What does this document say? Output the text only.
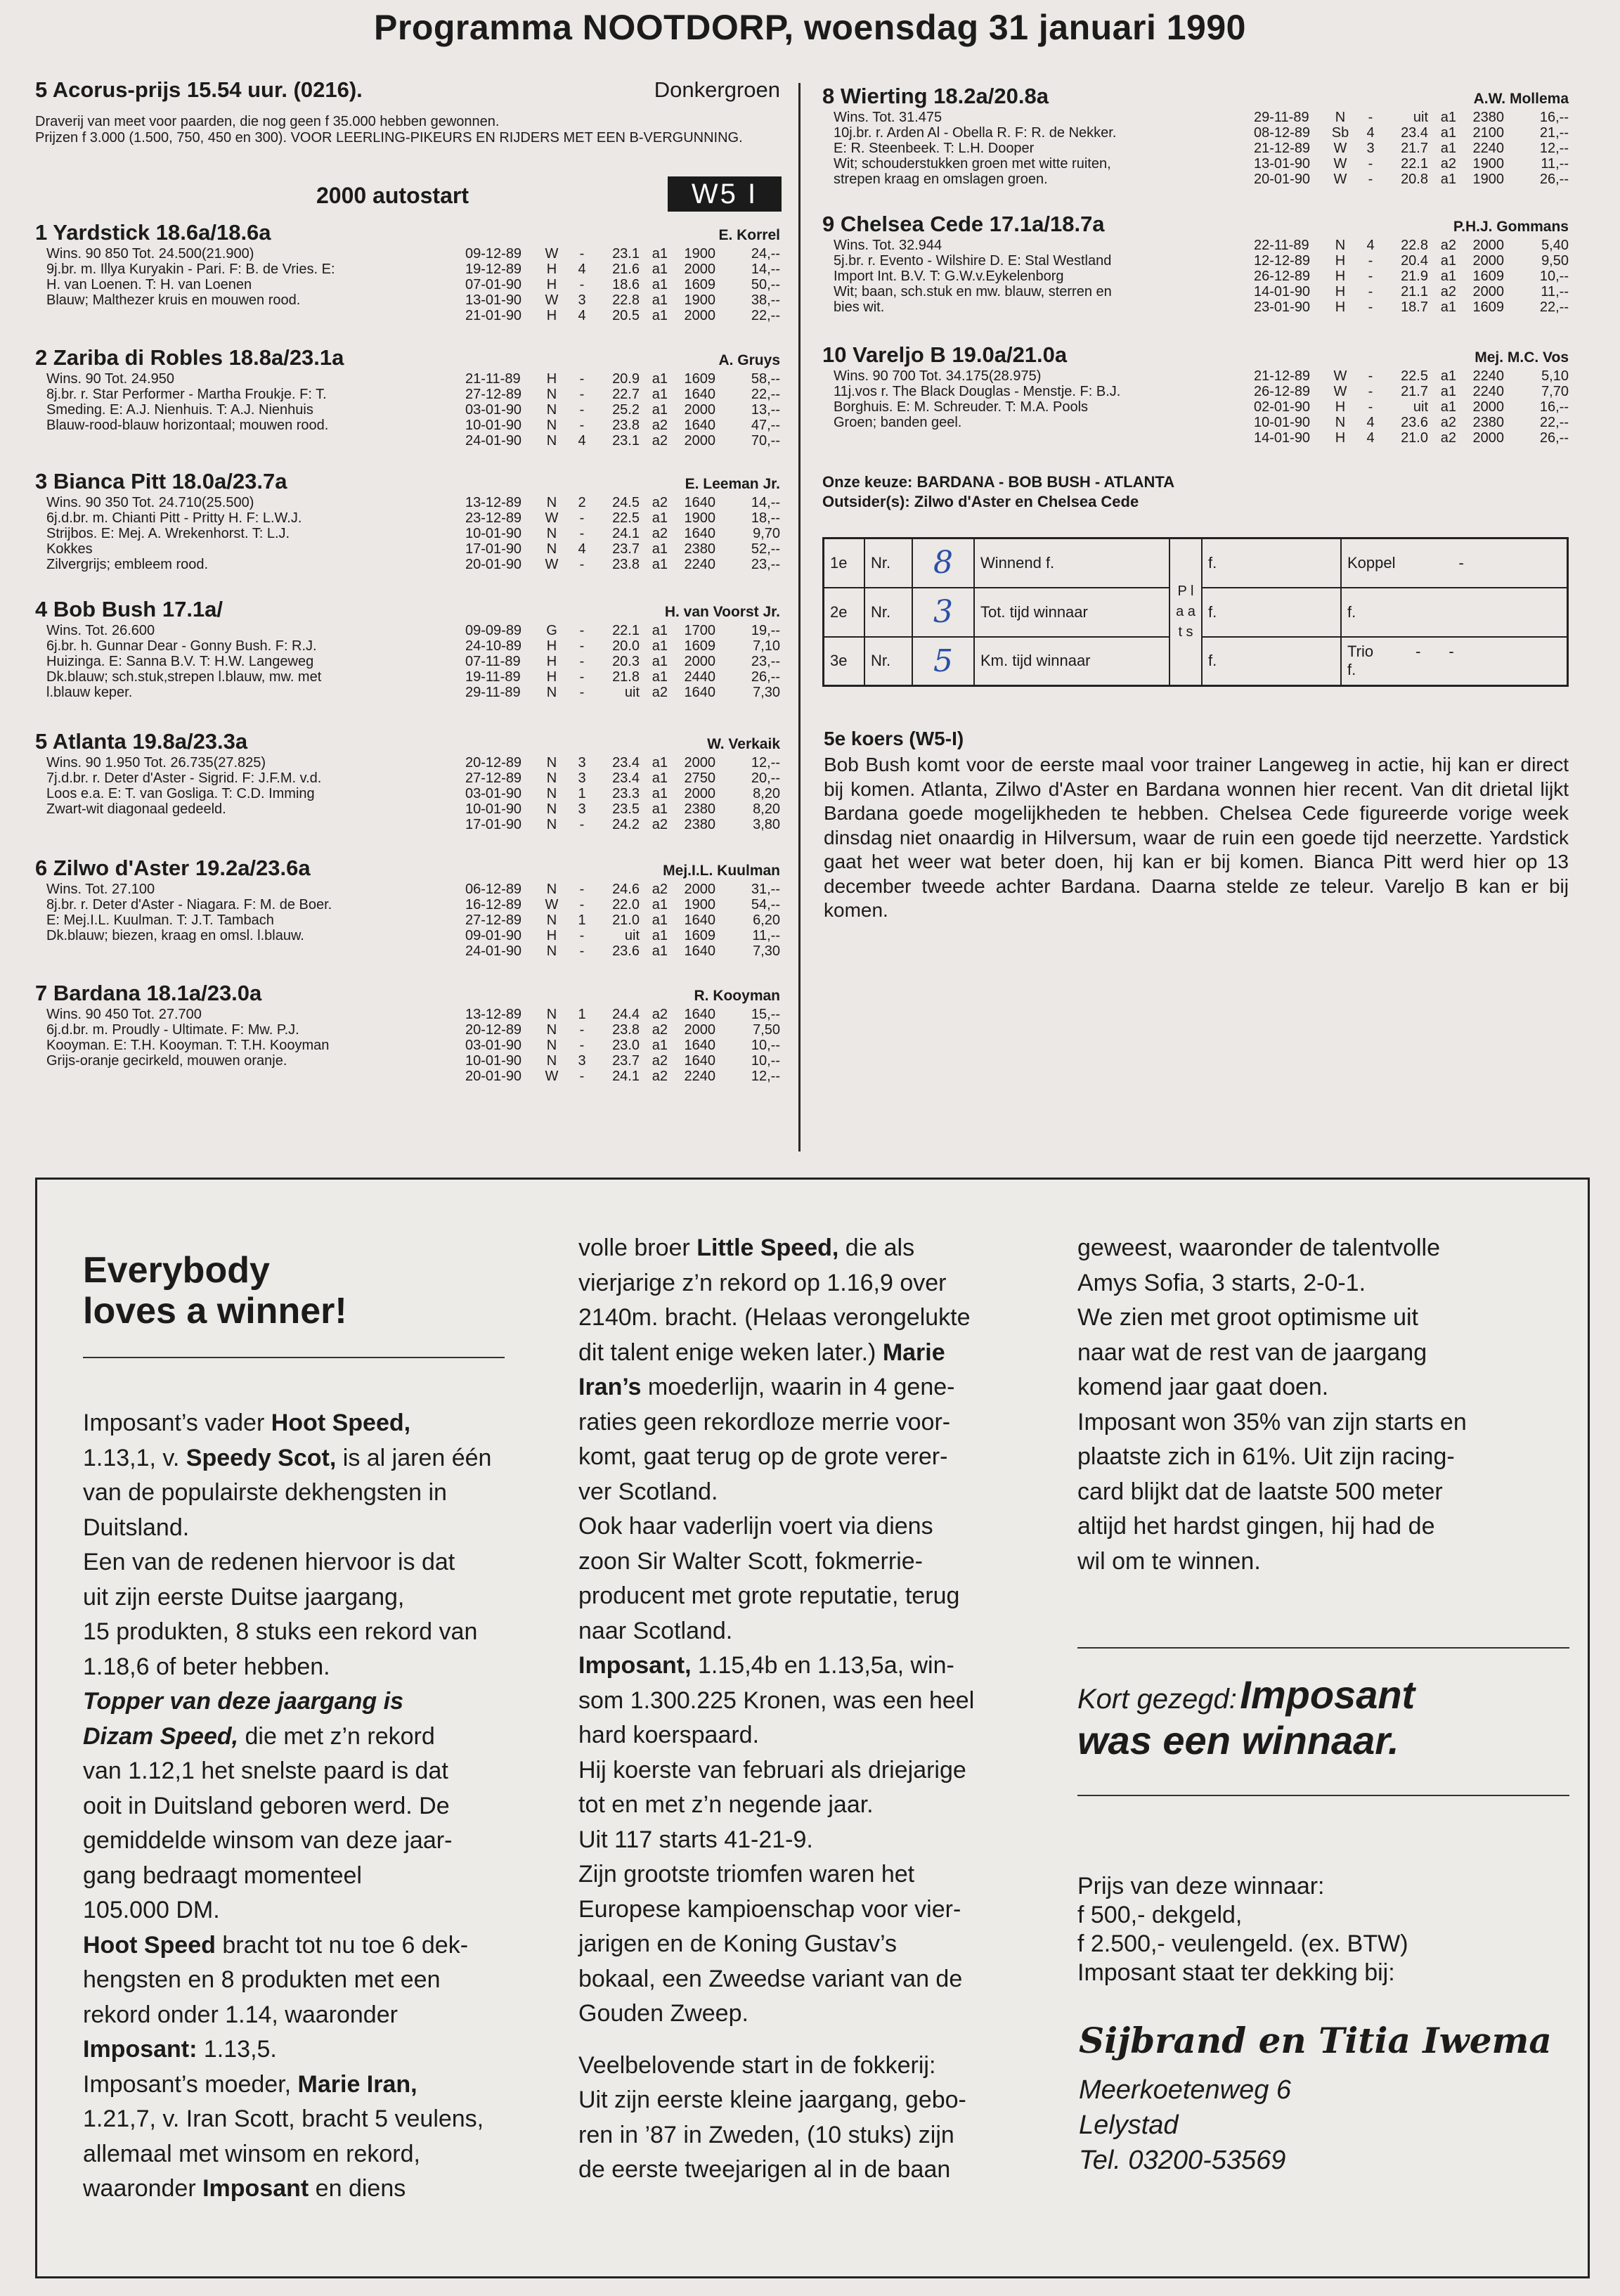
Programma NOOTDORP, woensdag 31 januari 1990
5 Acorus-prijs 15.54 uur. (0216).	Donkergroen
Draverij van meet voor paarden, die nog geen f 35.000 hebben gewonnen.
Prijzen f 3.000 (1.500, 750, 450 en 300). VOOR LEERLING-PIKEURS EN RIJDERS MET EEN B-VERGUNNING.
2000 autostart	W5 I
1 Yardstick 18.6a/18.6a	E. Korrel
Wins. 90 850 Tot. 24.500(21.900)
9j.br. m. Illya Kuryakin - Pari. F: B. de Vries. E:
H. van Loenen. T: H. van Loenen
Blauw; Malthezer kruis en mouwen rood.
09-12-89	W	-	23.1 a1	1900	24,--
19-12-89	H	4	21.6 a1	2000	14,--
07-01-90	H	-	18.6 a1	1609	50,--
13-01-90	W	3	22.8 a1	1900	38,--
21-01-90	H	4	20.5 a1	2000	22,--
2 Zariba di Robles 18.8a/23.1a	A. Gruys
Wins. 90 Tot. 24.950
8j.br. r. Star Performer - Martha Froukje. F: T.
Smeding. E: A.J. Nienhuis. T: A.J. Nienhuis
Blauw-rood-blauw horizontaal; mouwen rood.
21-11-89	H	-	20.9 a1	1609	58,--
27-12-89	N	-	22.7 a1	1640	22,--
03-01-90	N	-	25.2 a1	2000	13,--
10-01-90	N	-	23.8 a2	1640	47,--
24-01-90	N	4	23.1 a2	2000	70,--
3 Bianca Pitt 18.0a/23.7a	E. Leeman Jr.
Wins. 90 350 Tot. 24.710(25.500)
6j.d.br. m. Chianti Pitt - Pritty H. F: L.W.J.
Strijbos. E: Mej. A. Wrekenhorst. T: L.J.
Kokkes
Zilvergrijs; embleem rood.
13-12-89	N	2	24.5 a2	1640	14,--
23-12-89	W	-	22.5 a1	1900	18,--
10-01-90	N	-	24.1 a2	1640	9,70
17-01-90	N	4	23.7 a1	2380	52,--
20-01-90	W	-	23.8 a1	2240	23,--
4 Bob Bush 17.1a/	H. van Voorst Jr.
Wins. Tot. 26.600
6j.br. h. Gunnar Dear - Gonny Bush. F: R.J.
Huizinga. E: Sanna B.V. T: H.W. Langeweg
Dk.blauw; sch.stuk,strepen l.blauw, mw. met
l.blauw keper.
09-09-89	G	-	22.1 a1	1700	19,--
24-10-89	H	-	20.0 a1	1609	7,10
07-11-89	H	-	20.3 a1	2000	23,--
19-11-89	H	-	21.8 a1	2440	26,--
29-11-89	N	-	uit a2	1640	7,30
5 Atlanta 19.8a/23.3a	W. Verkaik
Wins. 90 1.950 Tot. 26.735(27.825)
7j.d.br. r. Deter d'Aster - Sigrid. F: J.F.M. v.d.
Loos e.a. E: T. van Gosliga. T: C.D. Imming
Zwart-wit diagonaal gedeeld.
20-12-89	N	3	23.4 a1	2000	12,--
27-12-89	N	3	23.4 a1	2750	20,--
03-01-90	N	1	23.3 a1	2000	8,20
10-01-90	N	3	23.5 a1	2380	8,20
17-01-90	N	-	24.2 a2	2380	3,80
6 Zilwo d'Aster 19.2a/23.6a	Mej.I.L. Kuulman
Wins. Tot. 27.100
8j.br. r. Deter d'Aster - Niagara. F: M. de Boer.
E: Mej.I.L. Kuulman. T: J.T. Tambach
Dk.blauw; biezen, kraag en omsl. l.blauw.
06-12-89	N	-	24.6 a2	2000	31,--
16-12-89	W	-	22.0 a1	1900	54,--
27-12-89	N	1	21.0 a1	1640	6,20
09-01-90	H	-	uit a1	1609	11,--
24-01-90	N	-	23.6 a1	1640	7,30
7 Bardana 18.1a/23.0a	R. Kooyman
Wins. 90 450 Tot. 27.700
6j.d.br. m. Proudly - Ultimate. F: Mw. P.J.
Kooyman. E: T.H. Kooyman. T: T.H. Kooyman
Grijs-oranje gecirkeld, mouwen oranje.
13-12-89	N	1	24.4 a2	1640	15,--
20-12-89	N	-	23.8 a2	2000	7,50
03-01-90	N	-	23.0 a1	1640	10,--
10-01-90	N	3	23.7 a2	1640	10,--
20-01-90	W	-	24.1 a2	2240	12,--
8 Wierting 18.2a/20.8a	A.W. Mollema
Wins. Tot. 31.475
10j.br. r. Arden Al - Obella R. F: R. de Nekker.
E: R. Steenbeek. T: L.H. Dooper
Wit; schouderstukken groen met witte ruiten,
strepen kraag en omslagen groen.
29-11-89	N	-	uit a1	2380	16,--
08-12-89	Sb	4	23.4 a1	2100	21,--
21-12-89	W	3	21.7 a1	2240	12,--
13-01-90	W	-	22.1 a2	1900	11,--
20-01-90	W	-	20.8 a1	1900	26,--
9 Chelsea Cede 17.1a/18.7a	P.H.J. Gommans
Wins. Tot. 32.944
5j.br. r. Evento - Wilshire D. E: Stal Westland
Import Int. B.V. T: G.W.v.Eykelenborg
Wit; baan, sch.stuk en mw. blauw, sterren en
bies wit.
22-11-89	N	4	22.8 a2	2000	5,40
12-12-89	H	-	20.4 a1	2000	9,50
26-12-89	H	-	21.9 a1	1609	10,--
14-01-90	H	-	21.1 a2	2000	11,--
23-01-90	H	-	18.7 a1	1609	22,--
10 Vareljo B 19.0a/21.0a	Mej. M.C. Vos
Wins. 90 700 Tot. 34.175(28.975)
11j.vos r. The Black Douglas - Menstje. F: B.J.
Borghuis. E: M. Schreuder. T: M.A. Pools
Groen; banden geel.
21-12-89	W	-	22.5 a1	2240	5,10
26-12-89	W	-	21.7 a1	2240	7,70
02-01-90	H	-	uit a1	2000	16,--
10-01-90	N	4	23.6 a2	2380	22,--
14-01-90	H	4	21.0 a2	2000	26,--
Onze keuze: BARDANA - BOB BUSH - ATLANTA
Outsider(s): Zilwo d'Aster en Chelsea Cede
1e	Nr.	8	Winnend f.	P l a a t s	f.	Koppel -
2e	Nr.	3	Tot. tijd winnaar		f.	f.
3e	Nr.	5	Km. tijd winnaar		f.	Trio - -
f.
5e koers (W5-I)
Bob Bush komt voor de eerste maal voor trainer Langeweg in actie, hij kan er direct bij komen. Atlanta, Zilwo d'Aster en Bardana wonnen hier recent. Van dit drietal lijkt Bardana goede mogelijkheden te hebben. Chelsea Cede figureerde vorige week dinsdag niet onaardig in Hilversum, waar de ruin een goede tijd neerzette. Yardstick gaat het weer wat beter doen, hij kan er bij komen. Bianca Pitt werd hier op 13 december tweede achter Bardana. Daarna stelde ze teleur. Vareljo B kan er bij komen.
Everybody
loves a winner!
Imposant’s vader Hoot Speed,
1.13,1, v. Speedy Scot, is al jaren één
van de populairste dekhengsten in
Duitsland.
Een van de redenen hiervoor is dat
uit zijn eerste Duitse jaargang,
15 produkten, 8 stuks een rekord van
1.18,6 of beter hebben.
Topper van deze jaargang is
Dizam Speed, die met z’n rekord
van 1.12,1 het snelste paard is dat
ooit in Duitsland geboren werd. De
gemiddelde winsom van deze jaar-
gang bedraagt momenteel
105.000 DM.
Hoot Speed bracht tot nu toe 6 dek-
hengsten en 8 produkten met een
rekord onder 1.14, waaronder
Imposant: 1.13,5.
Imposant’s moeder, Marie Iran,
1.21,7, v. Iran Scott, bracht 5 veulens,
allemaal met winsom en rekord,
waaronder Imposant en diens
volle broer Little Speed, die als
vierjarige z’n rekord op 1.16,9 over
2140m. bracht. (Helaas verongelukte
dit talent enige weken later.) Marie
Iran’s moederlijn, waarin in 4 gene-
raties geen rekordloze merrie voor-
komt, gaat terug op de grote verer-
ver Scotland.
Ook haar vaderlijn voert via diens
zoon Sir Walter Scott, fokmerrie-
producent met grote reputatie, terug
naar Scotland.
Imposant, 1.15,4b en 1.13,5a, win-
som 1.300.225 Kronen, was een heel
hard koerspaard.
Hij koerste van februari als driejarige
tot en met z’n negende jaar.
Uit 117 starts 41-21-9.
Zijn grootste triomfen waren het
Europese kampioenschap voor vier-
jarigen en de Koning Gustav’s
bokaal, een Zweedse variant van de
Gouden Zweep.

Veelbelovende start in de fokkerij:
Uit zijn eerste kleine jaargang, gebo-
ren in ’87 in Zweden, (10 stuks) zijn
de eerste tweejarigen al in de baan
geweest, waaronder de talentvolle
Amys Sofia, 3 starts, 2-0-1.
We zien met groot optimisme uit
naar wat de rest van de jaargang
komend jaar gaat doen.
Imposant won 35% van zijn starts en
plaatste zich in 61%. Uit zijn racing-
card blijkt dat de laatste 500 meter
altijd het hardst gingen, hij had de
wil om te winnen.
Kort gezegd: Imposant
was een winnaar.
Prijs van deze winnaar:
f 500,- dekgeld,
f 2.500,- veulengeld. (ex. BTW)
Imposant staat ter dekking bij:
Sijbrand en Titia Iwema
Meerkoetenweg 6
Lelystad
Tel. 03200-53569
